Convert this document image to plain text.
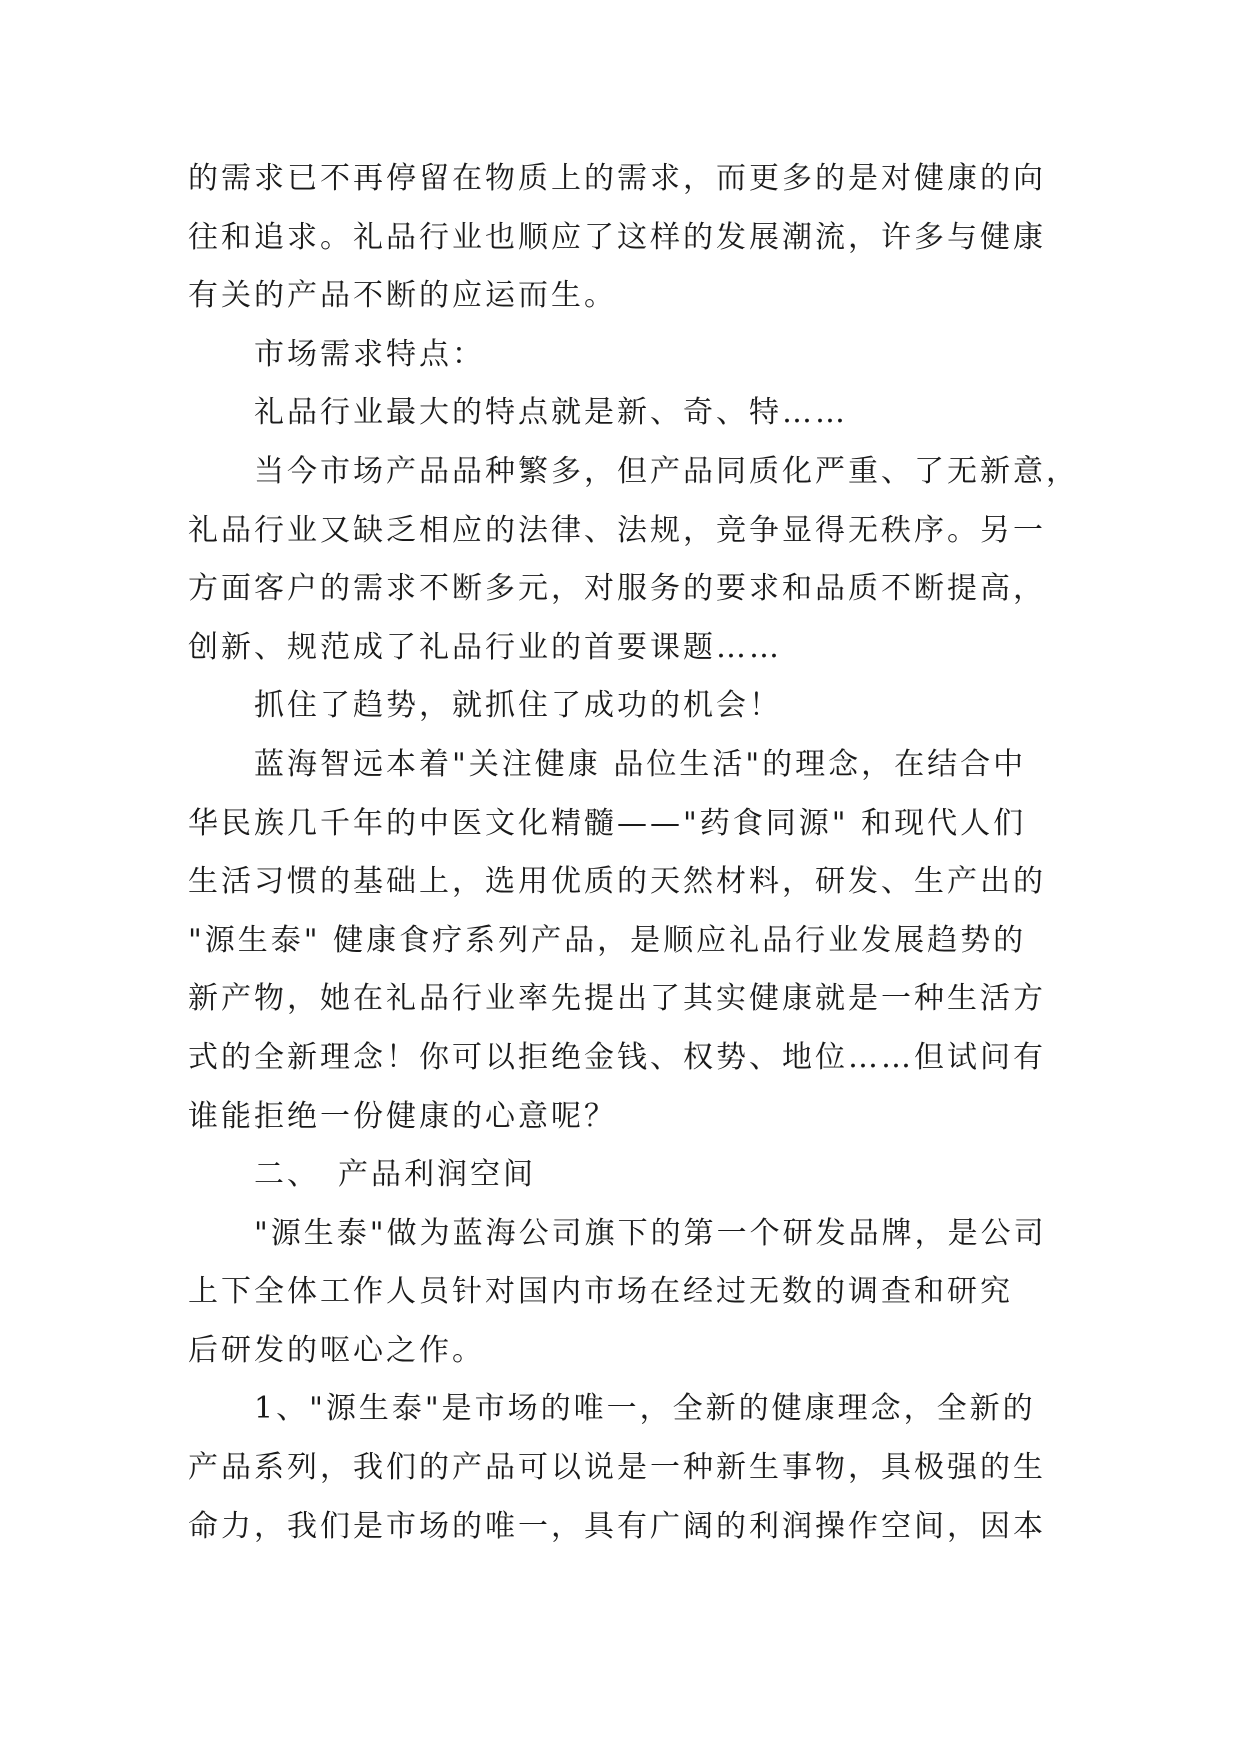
的需求已不再停留在物质上的需求，而更多的是对健康的向
往和追求。礼品行业也顺应了这样的发展潮流，许多与健康
有关的产品不断的应运而生。
市场需求特点：
礼品行业最大的特点就是新、奇、特……
当今市场产品品种繁多，但产品同质化严重、了无新意，
礼品行业又缺乏相应的法律、法规，竞争显得无秩序。另一
方面客户的需求不断多元，对服务的要求和品质不断提高，
创新、规范成了礼品行业的首要课题……
抓住了趋势，就抓住了成功的机会！
蓝海智远本着"关注健康 品位生活"的理念，在结合中
华民族几千年的中医文化精髓——"药食同源" 和现代人们
生活习惯的基础上，选用优质的天然材料，研发、生产出的
"源生泰" 健康食疗系列产品，是顺应礼品行业发展趋势的
新产物，她在礼品行业率先提出了其实健康就是一种生活方
式的全新理念！你可以拒绝金钱、权势、地位……但试问有
谁能拒绝一份健康的心意呢？
二、　产品利润空间
"源生泰"做为蓝海公司旗下的第一个研发品牌，是公司
上下全体工作人员针对国内市场在经过无数的调查和研究
后研发的呕心之作。
1、"源生泰"是市场的唯一，全新的健康理念，全新的
产品系列，我们的产品可以说是一种新生事物，具极强的生
命力，我们是市场的唯一，具有广阔的利润操作空间，因本
